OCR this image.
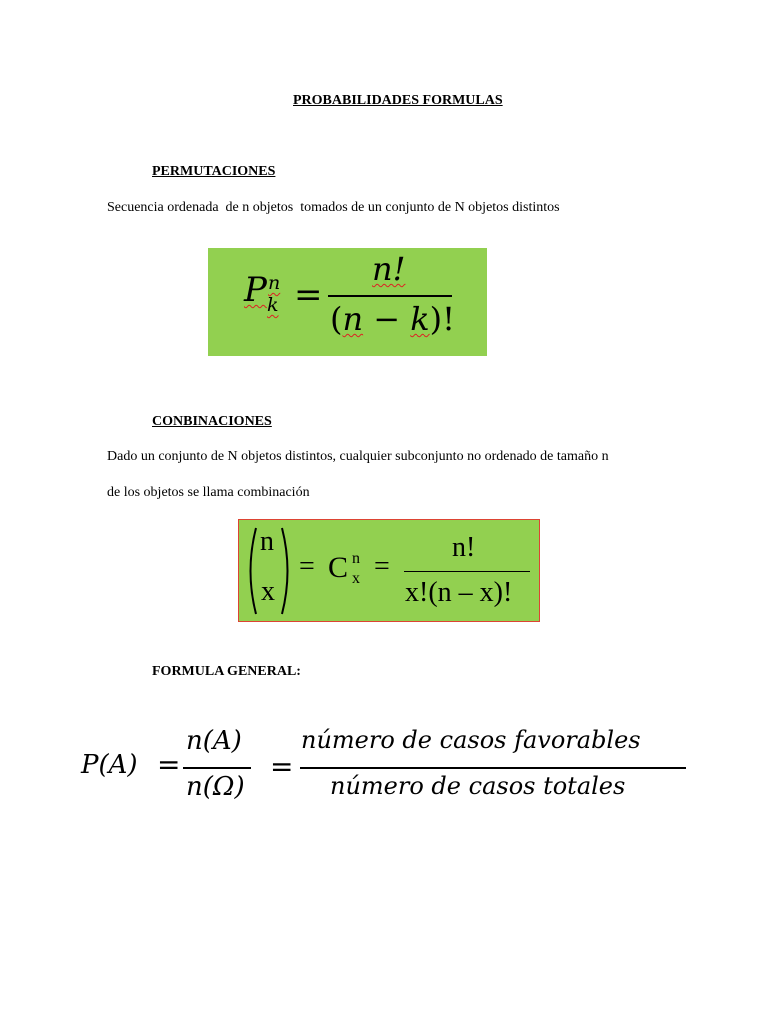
PROBABILIDADES FORMULAS
PERMUTACIONES
Secuencia ordenada  de n objetos  tomados de un conjunto de N objetos distintos
P n
k =
n!
(n − k)!
CONBINACIONES
Dado un conjunto de N objetos distintos, cualquier subconjunto no ordenado de tamaño n
de los objetos se llama combinación
n
x
= C n
x =
n!
x!(n – x)!
FORMULA GENERAL:
P(A) =
n(A)
n(Ω)
=
número de casos favorables
número de casos totales
